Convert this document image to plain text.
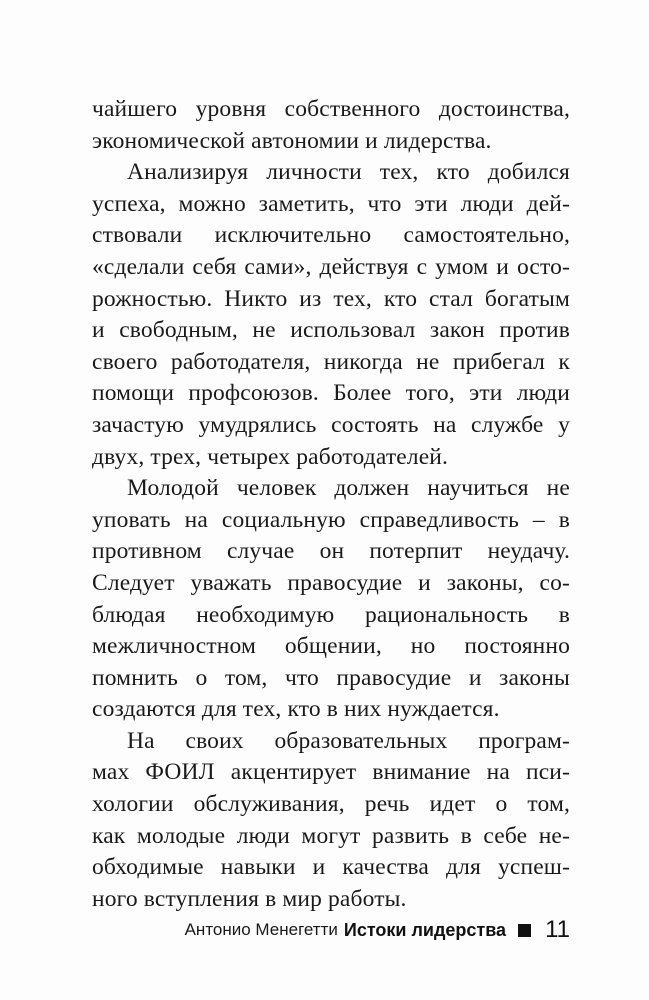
чайшего уровня собственного достоинства,
экономической автономии и лидерства.
Анализируя личности тех, кто добился
успеха, можно заметить, что эти люди дей-
ствовали исключительно самостоятельно,
«сделали себя сами», действуя с умом и осто-
рожностью. Никто из тех, кто стал богатым
и свободным, не использовал закон против
своего работодателя, никогда не прибегал к
помощи профсоюзов. Более того, эти люди
зачастую умудрялись состоять на службе у
двух, трех, четырех работодателей.
Молодой человек должен научиться не
уповать на социальную справедливость – в
противном случае он потерпит неудачу.
Следует уважать правосудие и законы, со-
блюдая необходимую рациональность в
межличностном общении, но постоянно
помнить о том, что правосудие и законы
создаются для тех, кто в них нуждается.
На своих образовательных програм-
мах ФОИЛ акцентирует внимание на пси-
хологии обслуживания, речь идет о том,
как молодые люди могут развить в себе не-
обходимые навыки и качества для успеш-
ного вступления в мир работы.
Антонио Менегетти Истоки лидерства 11
